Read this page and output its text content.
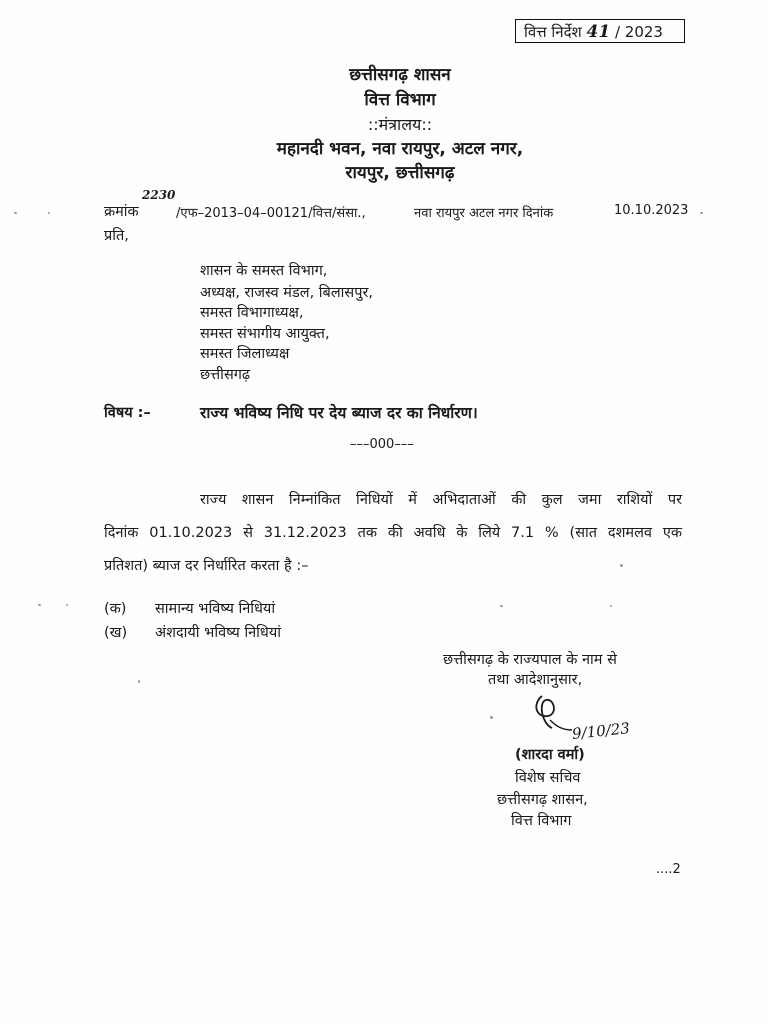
वित्त निर्देश 41 / 2023
छत्तीसगढ़ शासन
वित्त विभाग
::मंत्रालय::
महानदी भवन, नवा रायपुर, अटल नगर,
रायपुर, छत्तीसगढ़
क्रमांक
2230
/एफ–2013–04–00121/वित्त/संसा.,	नवा रायपुर अटल नगर दिनांक	10.10.2023
प्रति,
शासन के समस्त विभाग,
अध्यक्ष, राजस्व मंडल, बिलासपुर,
समस्त विभागाध्यक्ष,
समस्त संभागीय आयुक्त,
समस्त जिलाध्यक्ष
छत्तीसगढ़
विषय :–	राज्य भविष्य निधि पर देय ब्याज दर का निर्धारण।
–––000–––
राज्य शासन निम्नांकित निधियों में अभिदाताओं की कुल जमा राशियों पर
दिनांक 01.10.2023 से 31.12.2023 तक की अवधि के लिये 7.1 % (सात दशमलव एक
प्रतिशत) ब्याज दर निर्धारित करता है :–
(क) सामान्य भविष्य निधियां
(ख) अंशदायी भविष्य निधियां
छत्तीसगढ़ के राज्यपाल के नाम से
तथा आदेशानुसार,
9/10/23
(शारदा वर्मा)
विशेष सचिव
छत्तीसगढ़ शासन,
वित्त विभाग
....2
